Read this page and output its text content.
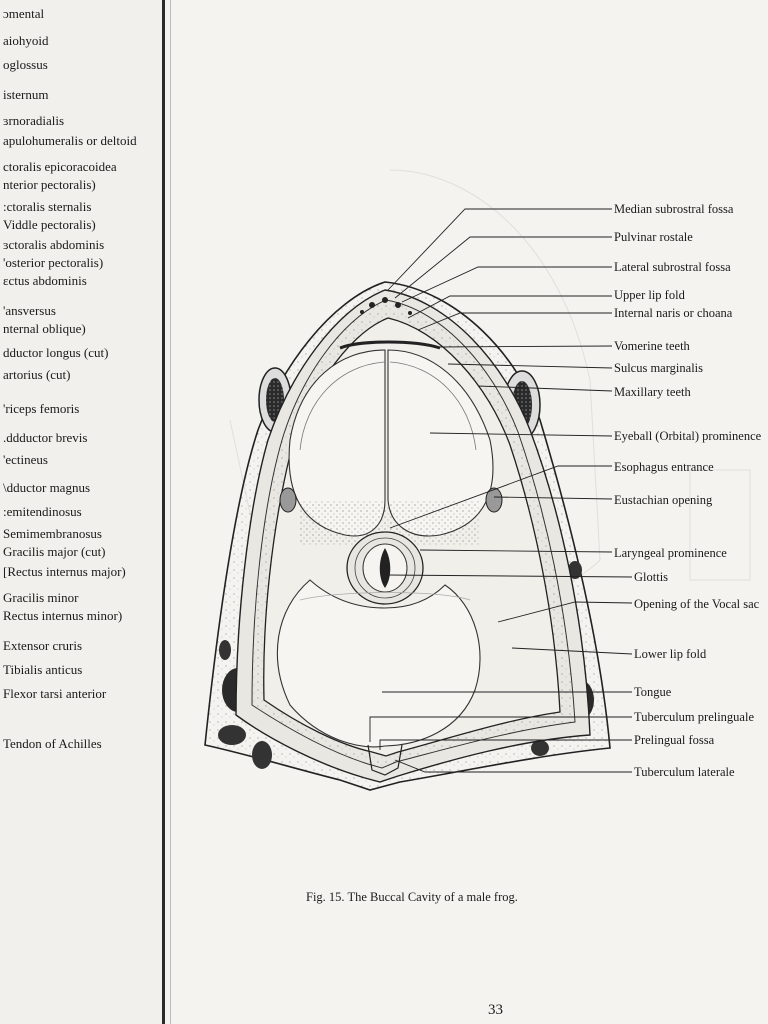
ɔmental
aiohyoid
oglossus
isternum
ɜrnoradialis
apulohumeralis or deltoid
ctoralis epicoracoidea
nterior pectoralis)
:ctoralis sternalis
Viddle pectoralis)
ɜctoralis abdominis
'osterior pectoralis)
ɛctus abdominis
'ansversus
nternal oblique)
dductor longus (cut)
artorius (cut)
'riceps femoris
.ddductor brevis
'ectineus
\dductor magnus
:emitendinosus
Semimembranosus
Gracilis major (cut)
[Rectus internus major)
Gracilis minor
Rectus internus minor)
Extensor cruris
Tibialis anticus
Flexor tarsi anterior
Tendon of Achilles
Median subrostral fossa
Pulvinar rostale
Lateral subrostral fossa
Upper lip fold
Internal naris or choana
Vomerine teeth
Sulcus marginalis
Maxillary teeth
Eyeball (Orbital) prominence
Esophagus entrance
Eustachian opening
Laryngeal prominence
Glottis
Opening of the Vocal sac
Lower lip fold
Tongue
Tuberculum prelinguale
Prelingual fossa
Tuberculum laterale
Fig. 15. The Buccal Cavity of a male frog.
33
